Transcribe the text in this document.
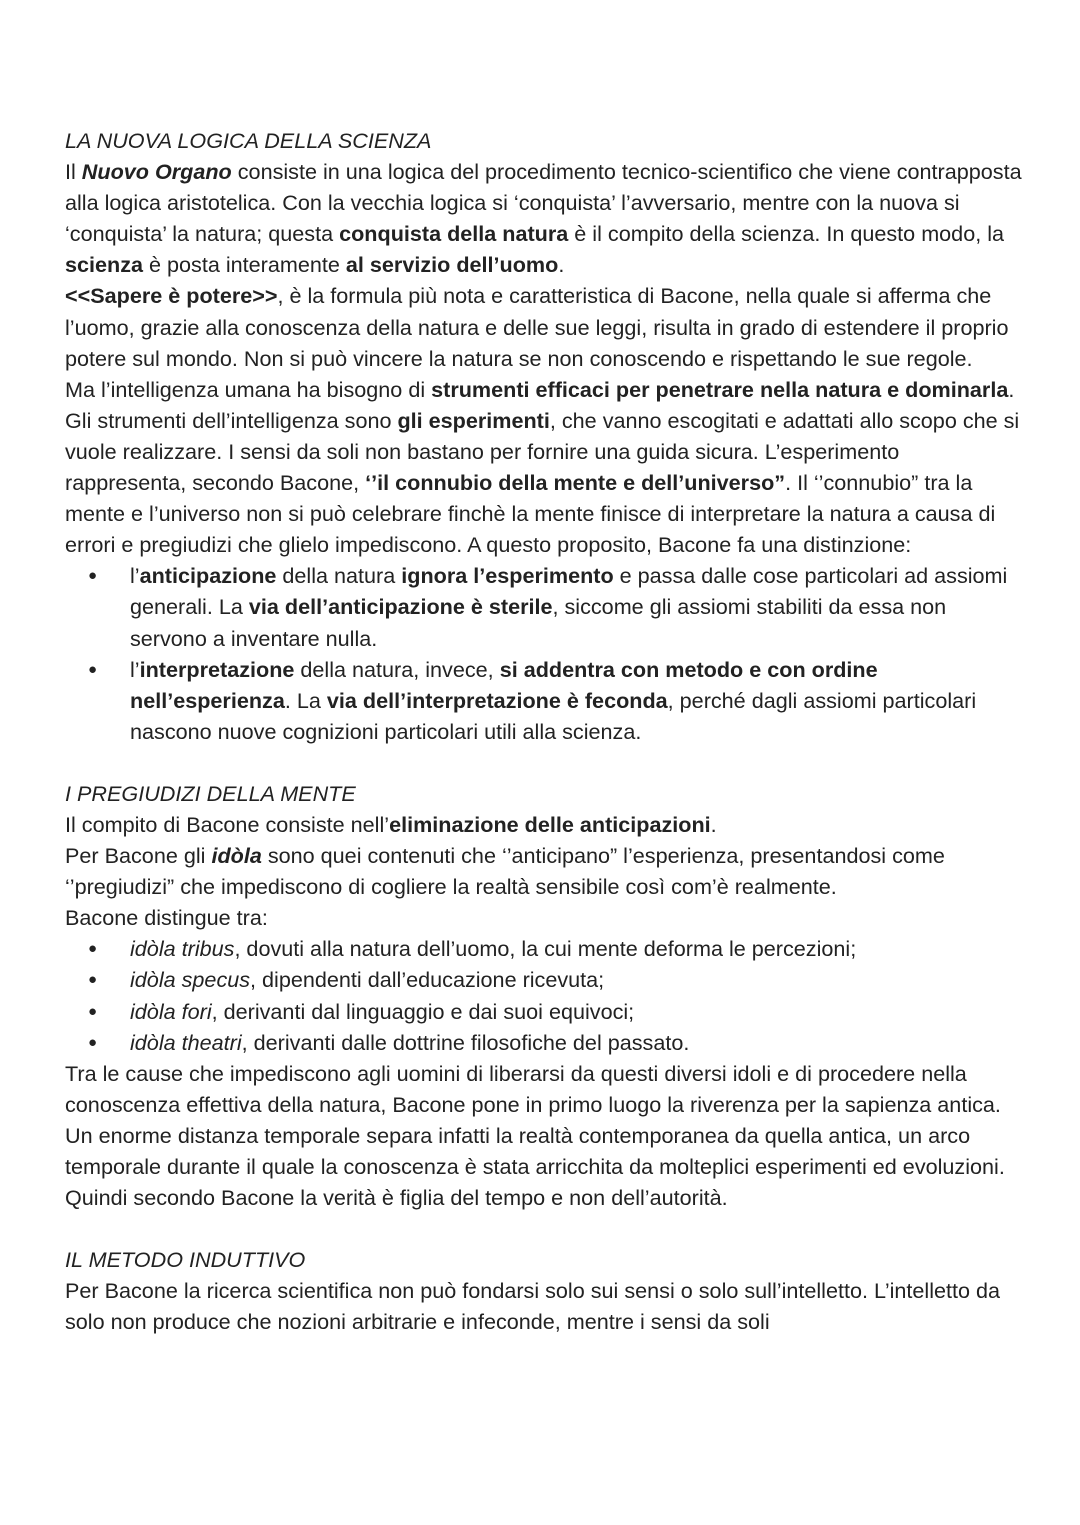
LA NUOVA LOGICA DELLA SCIENZA

Il Nuovo Organo consiste in una logica del procedimento tecnico-scientifico che viene contrapposta alla logica aristotelica. Con la vecchia logica si ‘conquista’ l’avversario, mentre con la nuova si ‘conquista’ la natura; questa conquista della natura è il compito della scienza. In questo modo, la scienza è posta interamente al servizio dell’uomo.

<<Sapere è potere>>, è la formula più nota e caratteristica di Bacone, nella quale si afferma che l’uomo, grazie alla conoscenza della natura e delle sue leggi, risulta in grado di estendere il proprio potere sul mondo. Non si può vincere la natura se non conoscendo e rispettando le sue regole.

Ma l’intelligenza umana ha bisogno di strumenti efficaci per penetrare nella natura e dominarla. Gli strumenti dell’intelligenza sono gli esperimenti, che vanno escogitati e adattati allo scopo che si vuole realizzare. I sensi da soli non bastano per fornire una guida sicura. L’esperimento rappresenta, secondo Bacone, ‘’il connubio della mente e dell’universo”. Il ‘’connubio” tra la mente e l’universo non si può celebrare finchè la mente finisce di interpretare la natura a causa di errori e pregiudizi che glielo impediscono. A questo proposito, Bacone fa una distinzione:

● l’anticipazione della natura ignora l’esperimento e passa dalle cose particolari ad assiomi generali. La via dell’anticipazione è sterile, siccome gli assiomi stabiliti da essa non servono a inventare nulla.
● l’interpretazione della natura, invece, si addentra con metodo e con ordine nell’esperienza. La via dell’interpretazione è feconda, perché dagli assiomi particolari nascono nuove cognizioni particolari utili alla scienza.

I PREGIUDIZI DELLA MENTE

Il compito di Bacone consiste nell’eliminazione delle anticipazioni.

Per Bacone gli idòla sono quei contenuti che ‘’anticipano” l’esperienza, presentandosi come ‘’pregiudizi” che impediscono di cogliere la realtà sensibile così com’è realmente.

Bacone distingue tra:

● idòla tribus, dovuti alla natura dell’uomo, la cui mente deforma le percezioni;
● idòla specus, dipendenti dall’educazione ricevuta;
● idòla fori, derivanti dal linguaggio e dai suoi equivoci;
● idòla theatri, derivanti dalle dottrine filosofiche del passato.

Tra le cause che impediscono agli uomini di liberarsi da questi diversi idoli e di procedere nella conoscenza effettiva della natura, Bacone pone in primo luogo la riverenza per la sapienza antica. Un enorme distanza temporale separa infatti la realtà contemporanea da quella antica, un arco temporale durante il quale la conoscenza è stata arricchita da molteplici esperimenti ed evoluzioni. Quindi secondo Bacone la verità è figlia del tempo e non dell’autorità.

IL METODO INDUTTIVO

Per Bacone la ricerca scientifica non può fondarsi solo sui sensi o solo sull’intelletto. L’intelletto da solo non produce che nozioni arbitrarie e infeconde, mentre i sensi da soli
